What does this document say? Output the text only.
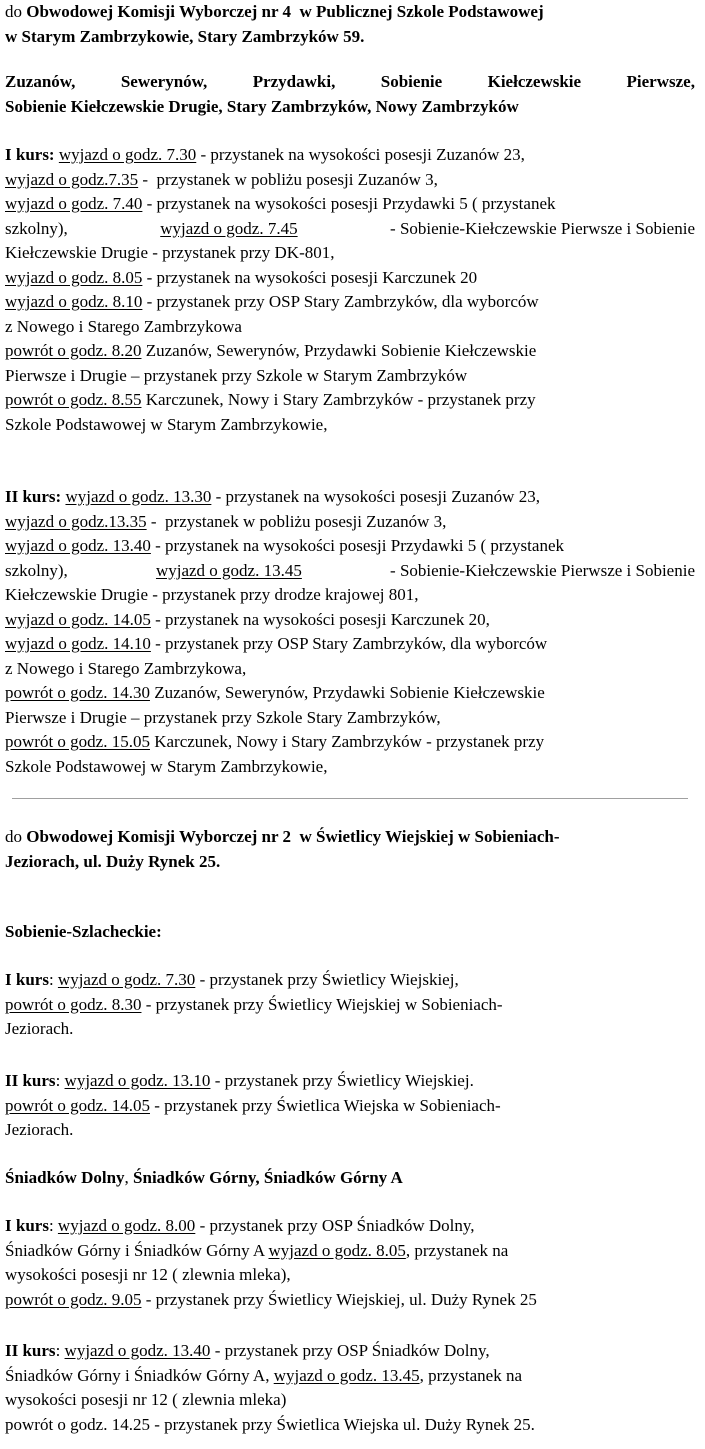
do Obwodowej Komisji Wyborczej nr 4  w Publicznej Szkole Podstawowej
w Starym Zambrzykowie, Stary Zambrzyków 59.
Zuzanów,	Sewerynów,	Przydawki,	Sobienie	Kiełczewskie	Pierwsze,
Sobienie Kiełczewskie Drugie, Stary Zambrzyków, Nowy Zambrzyków
I kurs: wyjazd o godz. 7.30 - przystanek na wysokości posesji Zuzanów 23,
wyjazd o godz.7.35 -  przystanek w pobliżu posesji Zuzanów 3,
wyjazd o godz. 7.40 - przystanek na wysokości posesji Przydawki 5 ( przystanek
szkolny),	wyjazd o godz. 7.45	- Sobienie-Kiełczewskie Pierwsze i Sobienie
Kiełczewskie Drugie - przystanek przy DK-801,
wyjazd o godz. 8.05 - przystanek na wysokości posesji Karczunek 20
wyjazd o godz. 8.10 - przystanek przy OSP Stary Zambrzyków, dla wyborców
z Nowego i Starego Zambrzykowa
powrót o godz. 8.20 Zuzanów, Sewerynów, Przydawki Sobienie Kiełczewskie
Pierwsze i Drugie – przystanek przy Szkole w Starym Zambrzyków
powrót o godz. 8.55 Karczunek, Nowy i Stary Zambrzyków - przystanek przy
Szkole Podstawowej w Starym Zambrzykowie,
II kurs: wyjazd o godz. 13.30 - przystanek na wysokości posesji Zuzanów 23,
wyjazd o godz.13.35 -  przystanek w pobliżu posesji Zuzanów 3,
wyjazd o godz. 13.40 - przystanek na wysokości posesji Przydawki 5 ( przystanek
szkolny),	wyjazd o godz. 13.45	- Sobienie-Kiełczewskie Pierwsze i Sobienie
Kiełczewskie Drugie - przystanek przy drodze krajowej 801,
wyjazd o godz. 14.05 - przystanek na wysokości posesji Karczunek 20,
wyjazd o godz. 14.10 - przystanek przy OSP Stary Zambrzyków, dla wyborców
z Nowego i Starego Zambrzykowa,
powrót o godz. 14.30 Zuzanów, Sewerynów, Przydawki Sobienie Kiełczewskie
Pierwsze i Drugie – przystanek przy Szkole Stary Zambrzyków,
powrót o godz. 15.05 Karczunek, Nowy i Stary Zambrzyków - przystanek przy
Szkole Podstawowej w Starym Zambrzykowie,
do Obwodowej Komisji Wyborczej nr 2  w Świetlicy Wiejskiej w Sobieniach-
Jeziorach, ul. Duży Rynek 25.
Sobienie-Szlacheckie:
I kurs: wyjazd o godz. 7.30 - przystanek przy Świetlicy Wiejskiej,
powrót o godz. 8.30 - przystanek przy Świetlicy Wiejskiej w Sobieniach-
Jeziorach.
II kurs: wyjazd o godz. 13.10 - przystanek przy Świetlicy Wiejskiej.
powrót o godz. 14.05 - przystanek przy Świetlica Wiejska w Sobieniach-
Jeziorach.
Śniadków Dolny, Śniadków Górny, Śniadków Górny A
I kurs: wyjazd o godz. 8.00 - przystanek przy OSP Śniadków Dolny,
Śniadków Górny i Śniadków Górny A wyjazd o godz. 8.05, przystanek na
wysokości posesji nr 12 ( zlewnia mleka),
powrót o godz. 9.05 - przystanek przy Świetlicy Wiejskiej, ul. Duży Rynek 25
II kurs: wyjazd o godz. 13.40 - przystanek przy OSP Śniadków Dolny,
Śniadków Górny i Śniadków Górny A, wyjazd o godz. 13.45, przystanek na
wysokości posesji nr 12 ( zlewnia mleka)
powrót o godz. 14.25 - przystanek przy Świetlica Wiejska ul. Duży Rynek 25.
